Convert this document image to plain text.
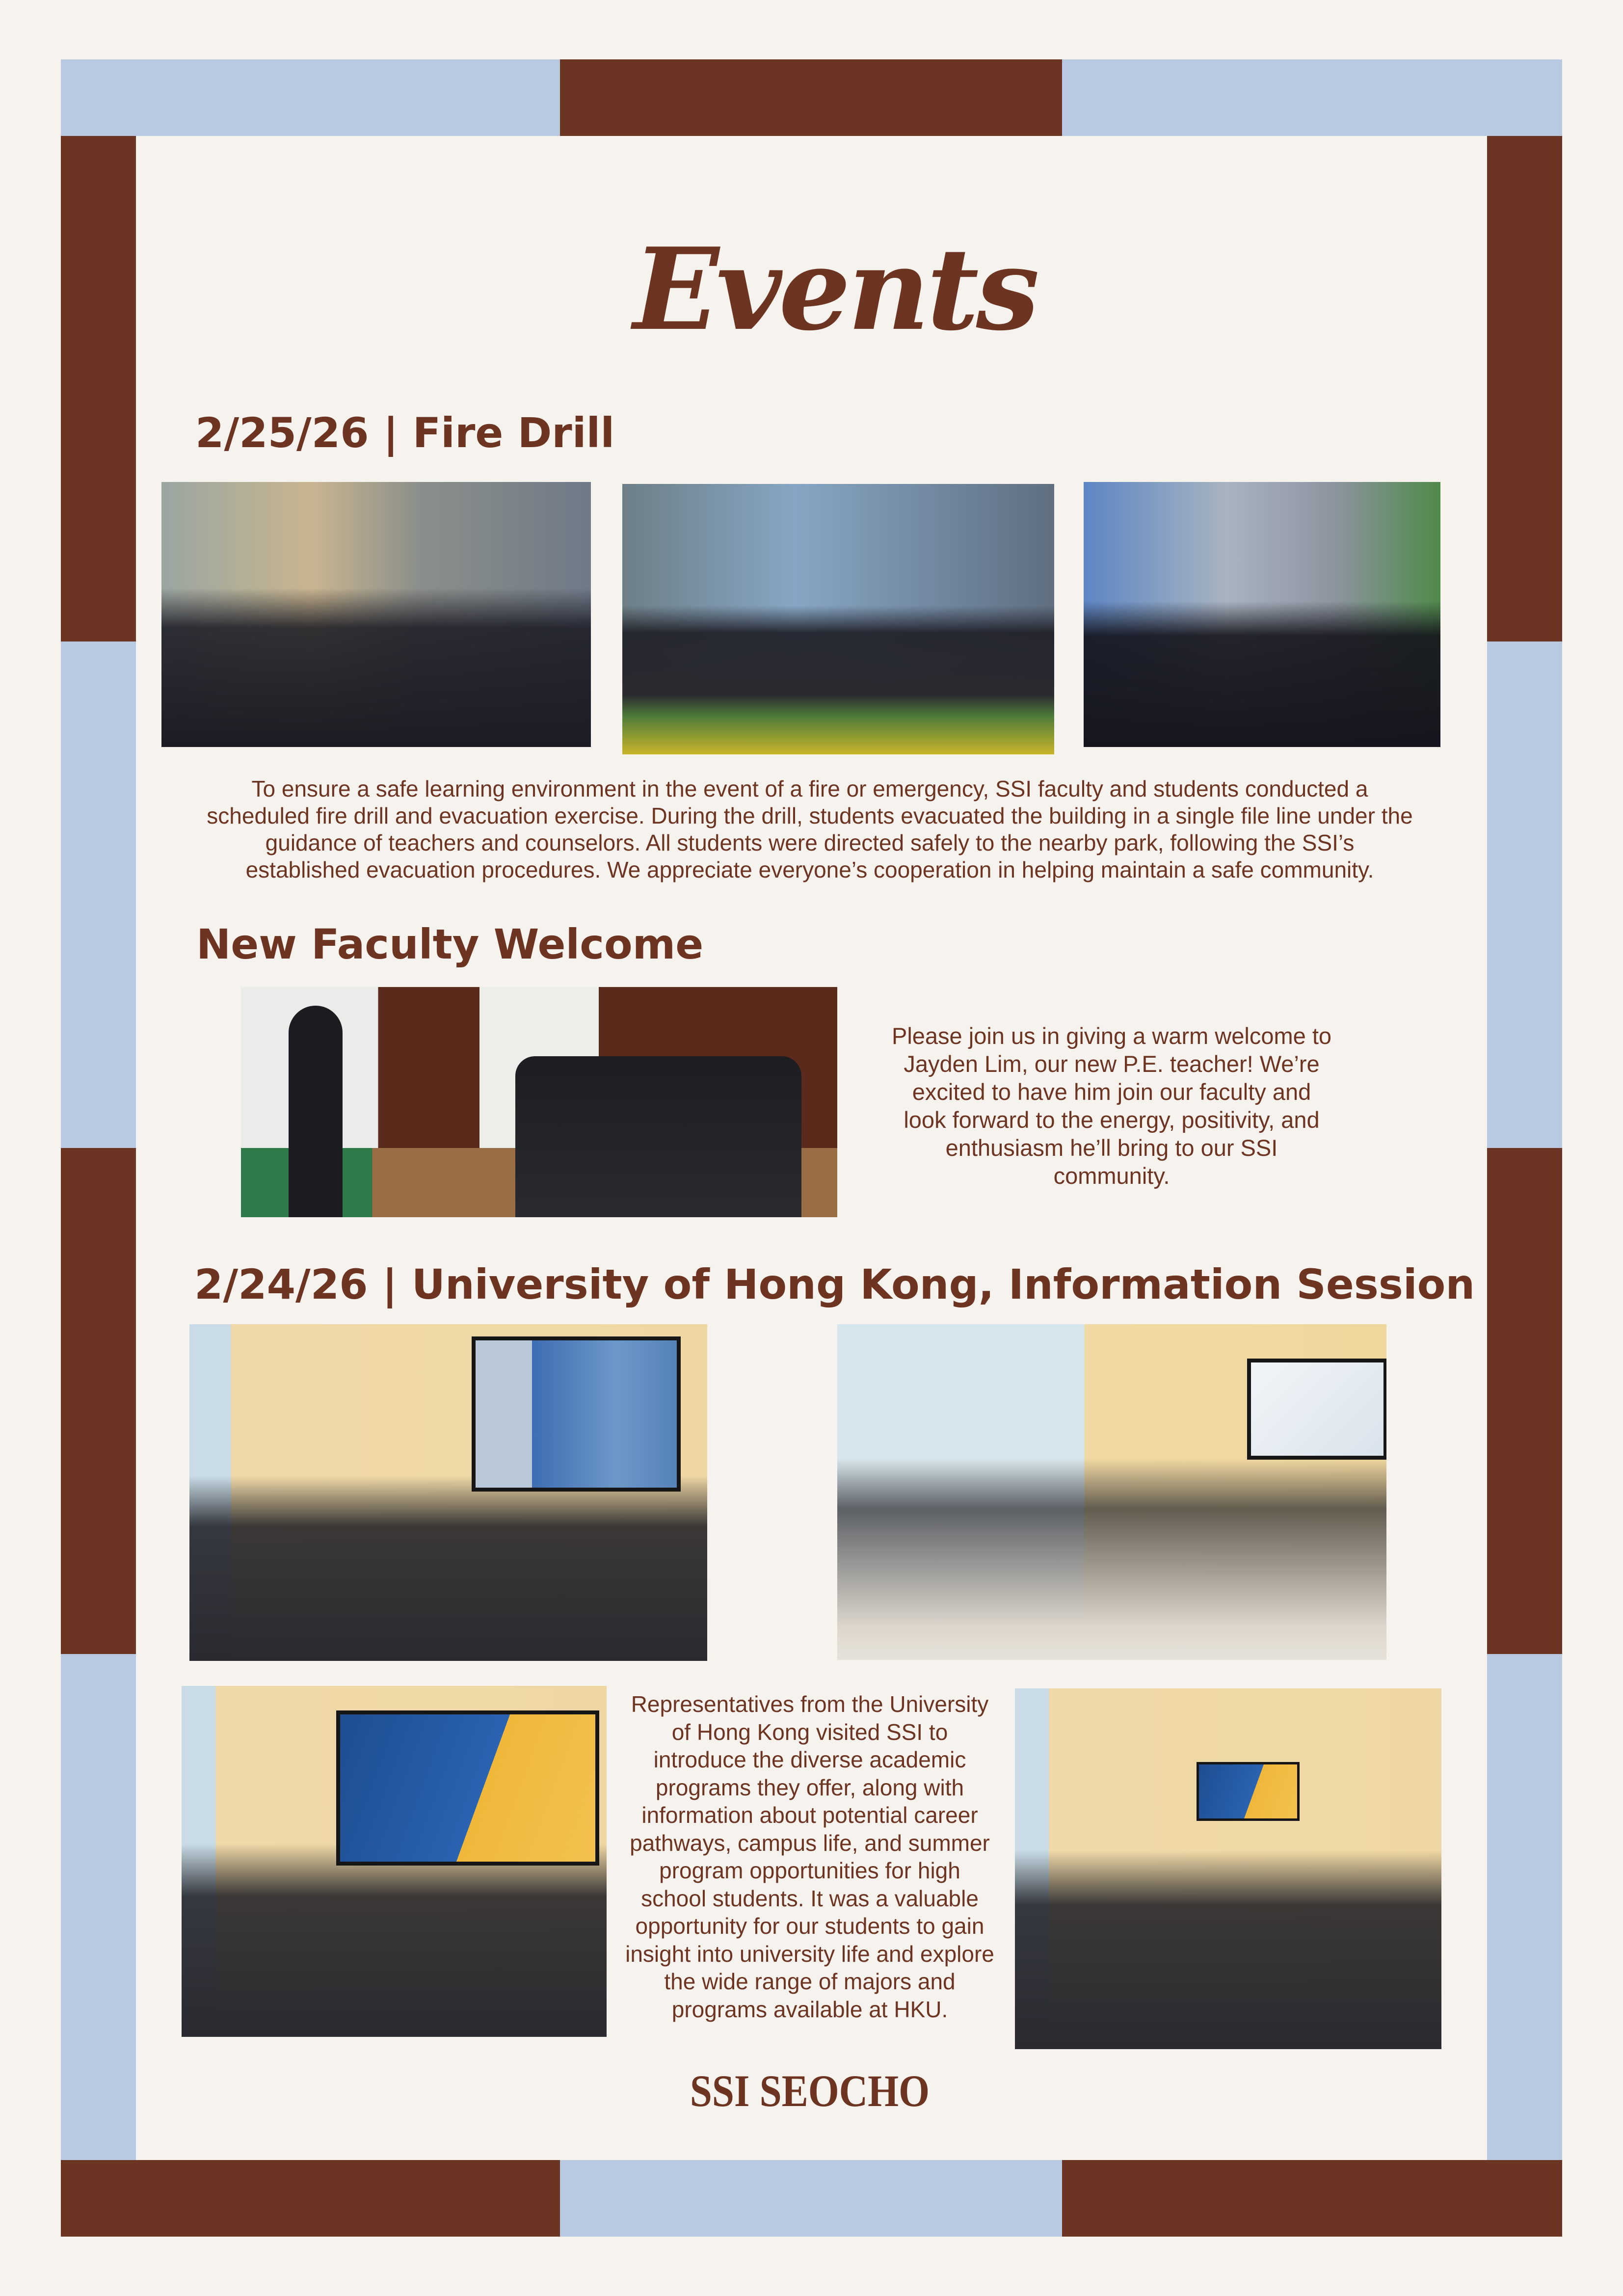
Events
2/25/26 | Fire Drill
To ensure a safe learning environment in the event of a fire or emergency, SSI faculty and students conducted a scheduled fire drill and evacuation exercise. During the drill, students evacuated the building in a single file line under the guidance of teachers and counselors. All students were directed safely to the nearby park, following the SSI’s established evacuation procedures. We appreciate everyone’s cooperation in helping maintain a safe community.
New Faculty Welcome
Please join us in giving a warm welcome to Jayden Lim, our new P.E. teacher! We’re excited to have him join our faculty and look forward to the energy, positivity, and enthusiasm he’ll bring to our SSI community.
2/24/26 | University of Hong Kong, Information Session
Representatives from the University of Hong Kong visited SSI to introduce the diverse academic programs they offer, along with information about potential career pathways, campus life, and summer program opportunities for high school students. It was a valuable opportunity for our students to gain insight into university life and explore the wide range of majors and programs available at HKU.
SSI SEOCHO
